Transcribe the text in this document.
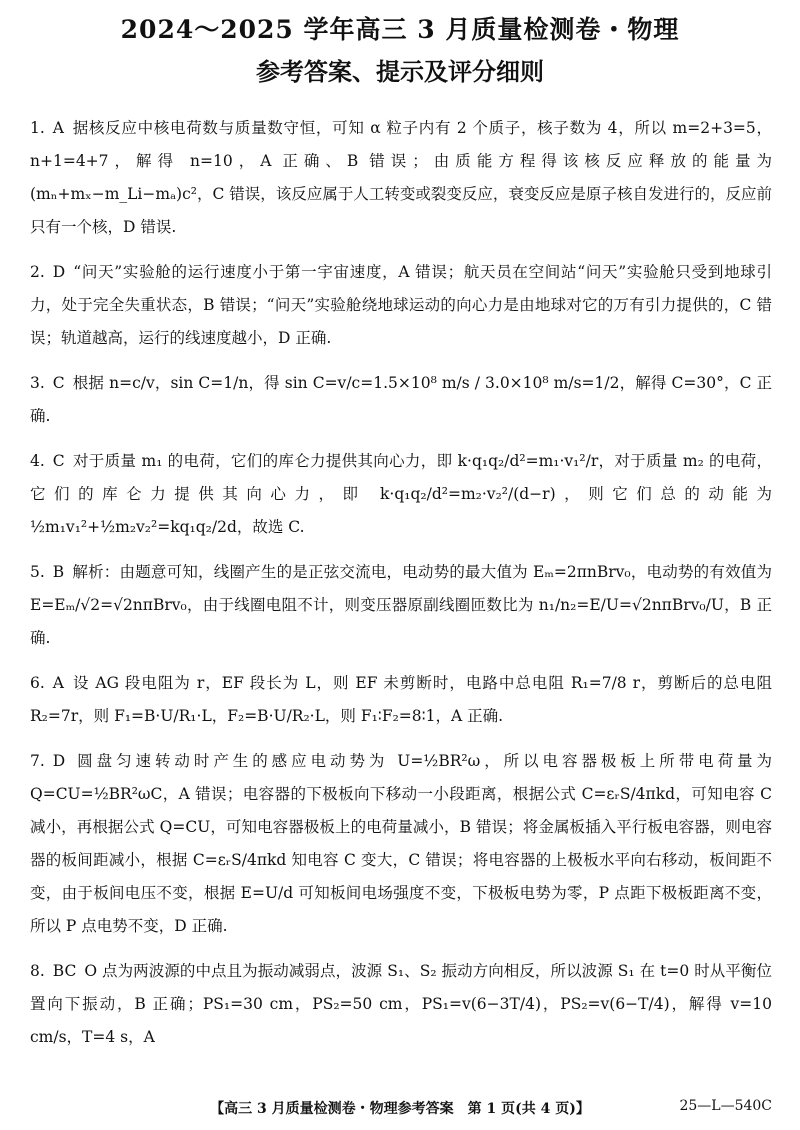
2024～2025 学年高三 3 月质量检测卷・物理
参考答案、提示及评分细则
1. A 据核反应中核电荷数与质量数守恒，可知 α 粒子内有 2 个质子，核子数为 4，所以 m=2+3=5，n+1=4+7，解得 n=10，A 正确、B 错误；由质能方程得该核反应释放的能量为(mₙ+mₓ−m_Li−mₐ)c²，C 错误，该反应属于人工转变或裂变反应，衰变反应是原子核自发进行的，反应前只有一个核，D 错误.
2. D “问天”实验舱的运行速度小于第一宇宙速度，A 错误；航天员在空间站“问天”实验舱只受到地球引力，处于完全失重状态，B 错误；“问天”实验舱绕地球运动的向心力是由地球对它的万有引力提供的，C 错误；轨道越高，运行的线速度越小，D 正确.
3. C 根据 n=c/v，sin C=1/n，得 sin C=v/c=1.5×10⁸ m/s / 3.0×10⁸ m/s=1/2，解得 C=30°，C 正确.
4. C 对于质量 m₁ 的电荷，它们的库仑力提供其向心力，即 k·q₁q₂/d²=m₁·v₁²/r，对于质量 m₂ 的电荷，它们的库仑力提供其向心力，即 k·q₁q₂/d²=m₂·v₂²/(d−r)，则它们总的动能为 ½m₁v₁²+½m₂v₂²=kq₁q₂/2d，故选 C.
5. B 解析：由题意可知，线圈产生的是正弦交流电，电动势的最大值为 Eₘ=2πnBrv₀，电动势的有效值为 E=Eₘ/√2=√2nπBrv₀，由于线圈电阻不计，则变压器原副线圈匝数比为 n₁/n₂=E/U=√2nπBrv₀/U，B 正确.
6. A 设 AG 段电阻为 r，EF 段长为 L，则 EF 未剪断时，电路中总电阻 R₁=7/8 r，剪断后的总电阻 R₂=7r，则 F₁=B·U/R₁·L，F₂=B·U/R₂·L，则 F₁∶F₂=8∶1，A 正确.
7. D 圆盘匀速转动时产生的感应电动势为 U=½BR²ω，所以电容器极板上所带电荷量为 Q=CU=½BR²ωC，A 错误；电容器的下极板向下移动一小段距离，根据公式 C=εᵣS/4πkd，可知电容 C 减小，再根据公式 Q=CU，可知电容器极板上的电荷量减小，B 错误；将金属板插入平行板电容器，则电容器的板间距减小，根据 C=εᵣS/4πkd 知电容 C 变大，C 错误；将电容器的上极板水平向右移动，板间距不变，由于板间电压不变，根据 E=U/d 可知板间电场强度不变，下极板电势为零，P 点距下极板距离不变，所以 P 点电势不变，D 正确.
8. BC O 点为两波源的中点且为振动减弱点，波源 S₁、S₂ 振动方向相反，所以波源 S₁ 在 t=0 时从平衡位置向下振动，B 正确；PS₁=30 cm，PS₂=50 cm，PS₁=v(6−3T/4)，PS₂=v(6−T/4)，解得 v=10 cm/s，T=4 s，A
【高三 3 月质量检测卷・物理参考答案　第 1 页(共 4 页)】	25—L—540C
